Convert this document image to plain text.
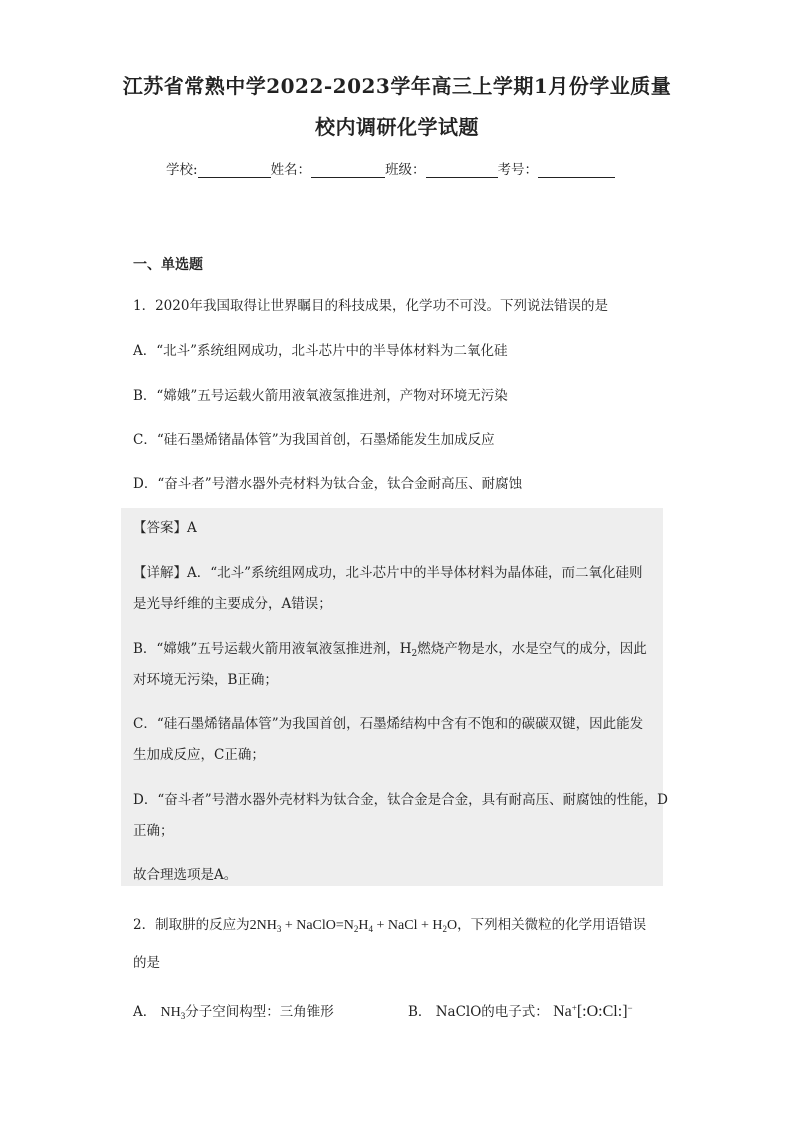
江苏省常熟中学2022-2023学年高三上学期1月份学业质量
校内调研化学试题
学校:	姓名：	班级：	考号：
一、单选题
1．2020年我国取得让世界瞩目的科技成果，化学功不可没。下列说法错误的是
A．“北斗”系统组网成功，北斗芯片中的半导体材料为二氧化硅
B．“嫦娥”五号运载火箭用液氧液氢推进剂，产物对环境无污染
C．“硅石墨烯锗晶体管”为我国首创，石墨烯能发生加成反应
D．“奋斗者”号潜水器外壳材料为钛合金，钛合金耐高压、耐腐蚀
【答案】A
【详解】A．“北斗”系统组网成功，北斗芯片中的半导体材料为晶体硅，而二氧化硅则
是光导纤维的主要成分，A错误；
B．“嫦娥”五号运载火箭用液氧液氢推进剂，$H_2$燃烧产物是水，水是空气的成分，因此
对环境无污染，B正确；
C．“硅石墨烯锗晶体管”为我国首创，石墨烯结构中含有不饱和的碳碳双键，因此能发
生加成反应，C正确；
D．“奋斗者”号潜水器外壳材料为钛合金，钛合金是合金，具有耐高压、耐腐蚀的性能，D
正确；
故合理选项是A。
2．制取肼的反应为$2NH_3$ + $NaClO=N_2H_4$ + NaCl + $H_2O$，下列相关微粒的化学用语错误
的是
A． $NH_3$分子空间构型：三角锥形	B． NaClO的电子式： Na+[:O:Cl:]−
